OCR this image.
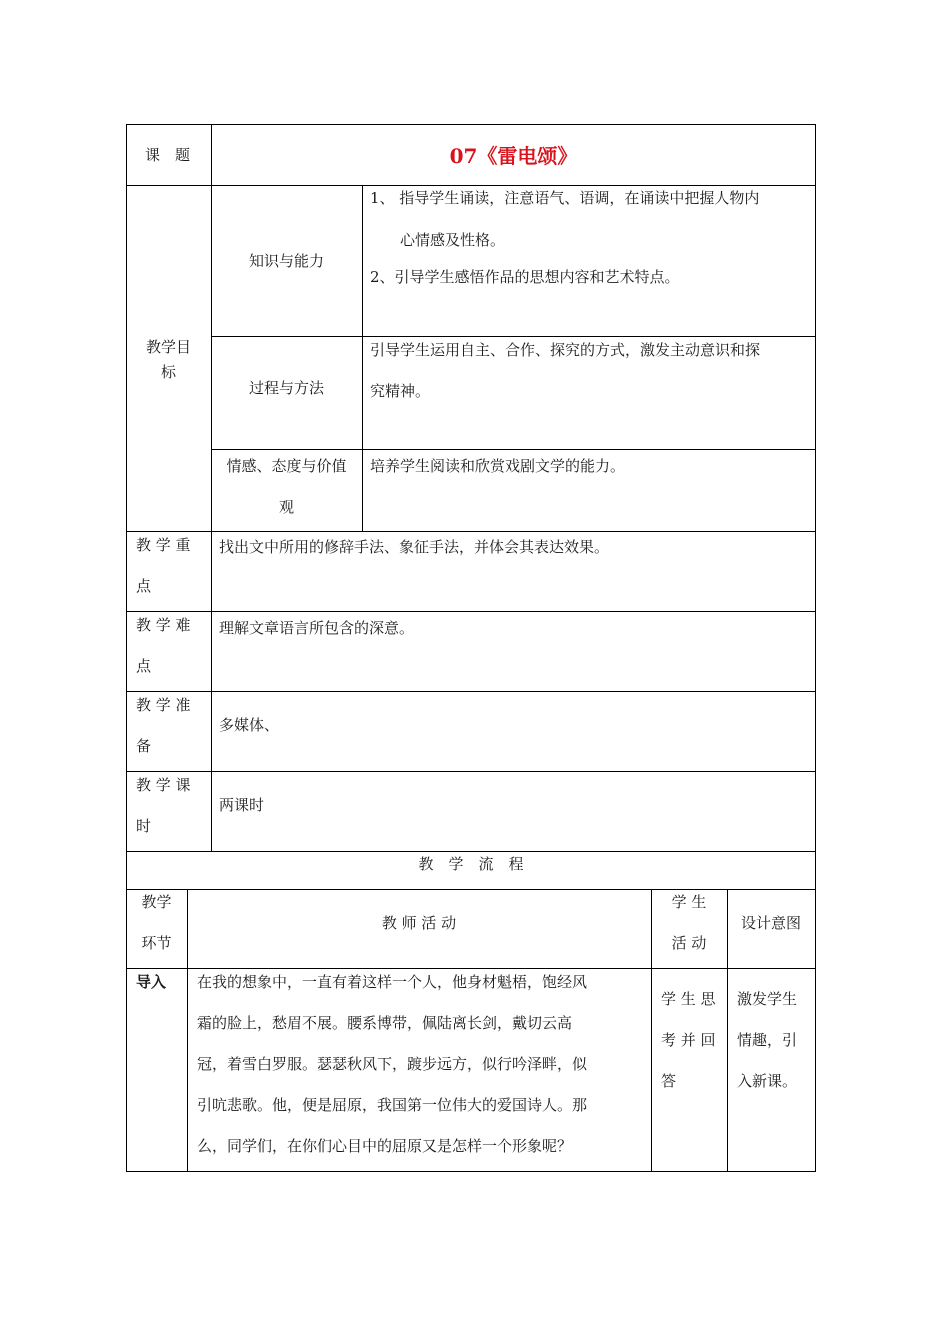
课　题	07《雷电颂》
教学目
标
知识与能力
1、 指导学生诵读，注意语气、语调，在诵读中把握人物内
心情感及性格。
2、引导学生感悟作品的思想内容和艺术特点。
过程与方法
引导学生运用自主、合作、探究的方式，激发主动意识和探
究精神。
情感、态度与价值
观
培养学生阅读和欣赏戏剧文学的能力。
教 学 重
点
找出文中所用的修辞手法、象征手法，并体会其表达效果。
教 学 难
点
理解文章语言所包含的深意。
教 学 准
备
多媒体、
教 学 课
时
两课时
教　学　流　程
教学
环节
教 师 活 动
学 生
活 动
设计意图
导入 在我的想象中，一直有着这样一个人，他身材魁梧，饱经风
霜的脸上，愁眉不展。腰系博带，佩陆离长剑，戴切云高
冠，着雪白罗服。瑟瑟秋风下，踱步远方，似行吟泽畔，似
引吭悲歌。他，便是屈原，我国第一位伟大的爱国诗人。那
么，同学们，在你们心目中的屈原又是怎样一个形象呢？
学 生 思
考 并 回
答
激发学生
情趣，引
入新课。
